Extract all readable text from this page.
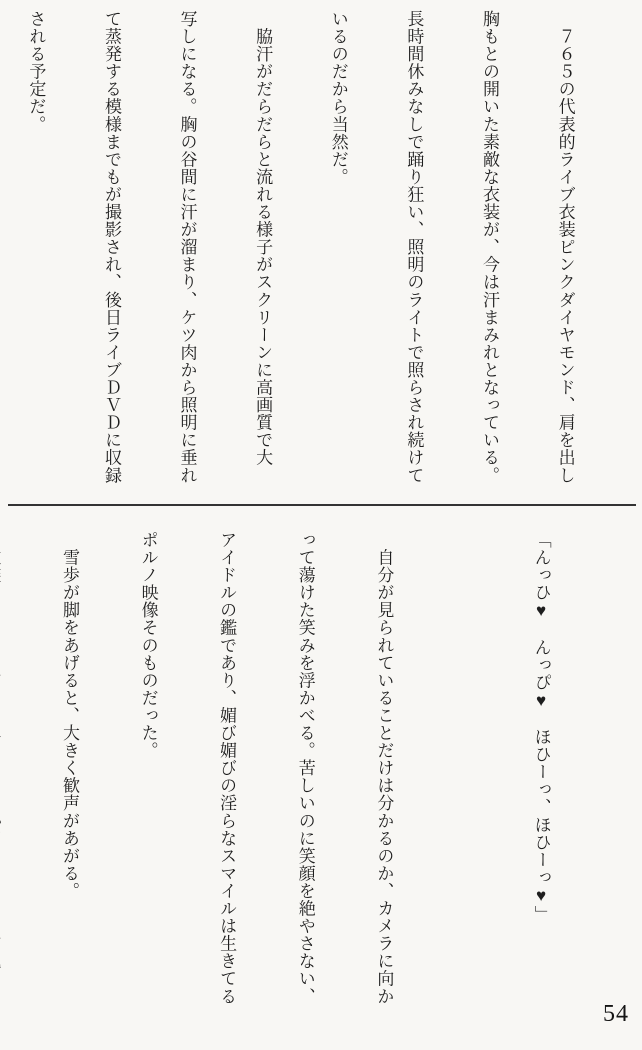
　７６５の代表的ライブ衣装ピンクダイヤモンド、肩を出し

胸もとの開いた素敵な衣装が、今は汗まみれとなっている。

長時間休みなしで踊り狂い、照明のライトで照らされ続けて

いるのだから当然だ。

　脇汗がだらだらと流れる様子がスクリーンに高画質で大

写しになる。胸の谷間に汗が溜まり、ケツ肉から照明に垂れ

て蒸発する模様までもが撮影され、後日ライブＤＶＤに収録

される予定だ。

「んっひ♥　んっぴ♥　ほひーっ、ほひーっ♥」

　自分が見られていることだけは分かるのか、カメラに向か

って蕩けた笑みを浮かべる。苦しいのに笑顔を絶やさない、

アイドルの鑑であり、媚び媚びの淫らなスマイルは生きてる

ポルノ映像そのものだった。

　雪歩が脚をあげると、大きく歓声があがる。

54
